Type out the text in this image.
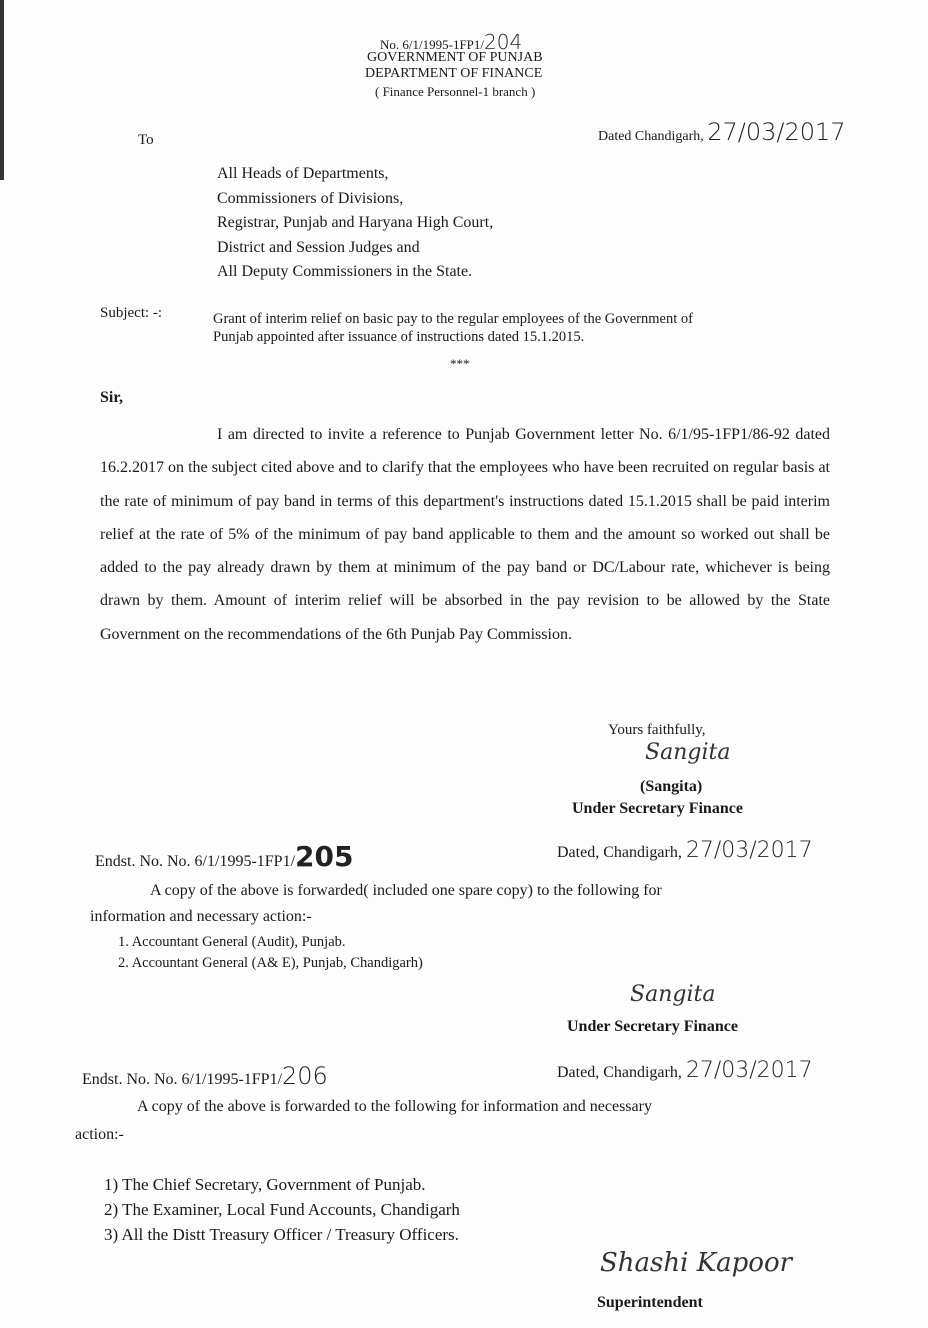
No. 6/1/1995-1FP1/204
GOVERNMENT OF PUNJAB
DEPARTMENT OF FINANCE
( Finance Personnel-1 branch )
Dated Chandigarh, 27/03/2017
To
All Heads of Departments,
Commissioners of Divisions,
Registrar, Punjab and Haryana High Court,
District and Session Judges and
All Deputy Commissioners in the State.
Subject: -:	Grant of interim relief on basic pay to the regular employees of the Government of
Punjab appointed after issuance of instructions dated 15.1.2015.
***
Sir,
I am directed to invite a reference to Punjab Government letter No. 6/1/95-1FP1/86-92 dated 16.2.2017 on the subject cited above and to clarify that the employees who have been recruited on regular basis at the rate of minimum of pay band in terms of this department's instructions dated 15.1.2015 shall be paid interim relief at the rate of 5% of the minimum of pay band applicable to them and the amount so worked out shall be added to the pay already drawn by them at minimum of the pay band or DC/Labour rate, whichever is being drawn by them. Amount of interim relief will be absorbed in the pay revision to be allowed by the State Government on the recommendations of the 6th Punjab Pay Commission.
Yours faithfully,
Sangita
(Sangita)
Under Secretary Finance
Endst. No. No. 6/1/1995-1FP1/205	Dated, Chandigarh, 27/03/2017
A copy of the above is forwarded( included one spare copy) to the following for
information and necessary action:-
1. Accountant General (Audit), Punjab.
2. Accountant General (A& E), Punjab, Chandigarh)
Sangita
Under Secretary Finance
Endst. No. No. 6/1/1995-1FP1/206	Dated, Chandigarh, 27/03/2017
A copy of the above is forwarded to the following for information and necessary
action:-
1) The Chief Secretary, Government of Punjab.
2) The Examiner, Local Fund Accounts, Chandigarh
3) All the Distt Treasury Officer / Treasury Officers.
Shashi Kapoor
Superintendent
